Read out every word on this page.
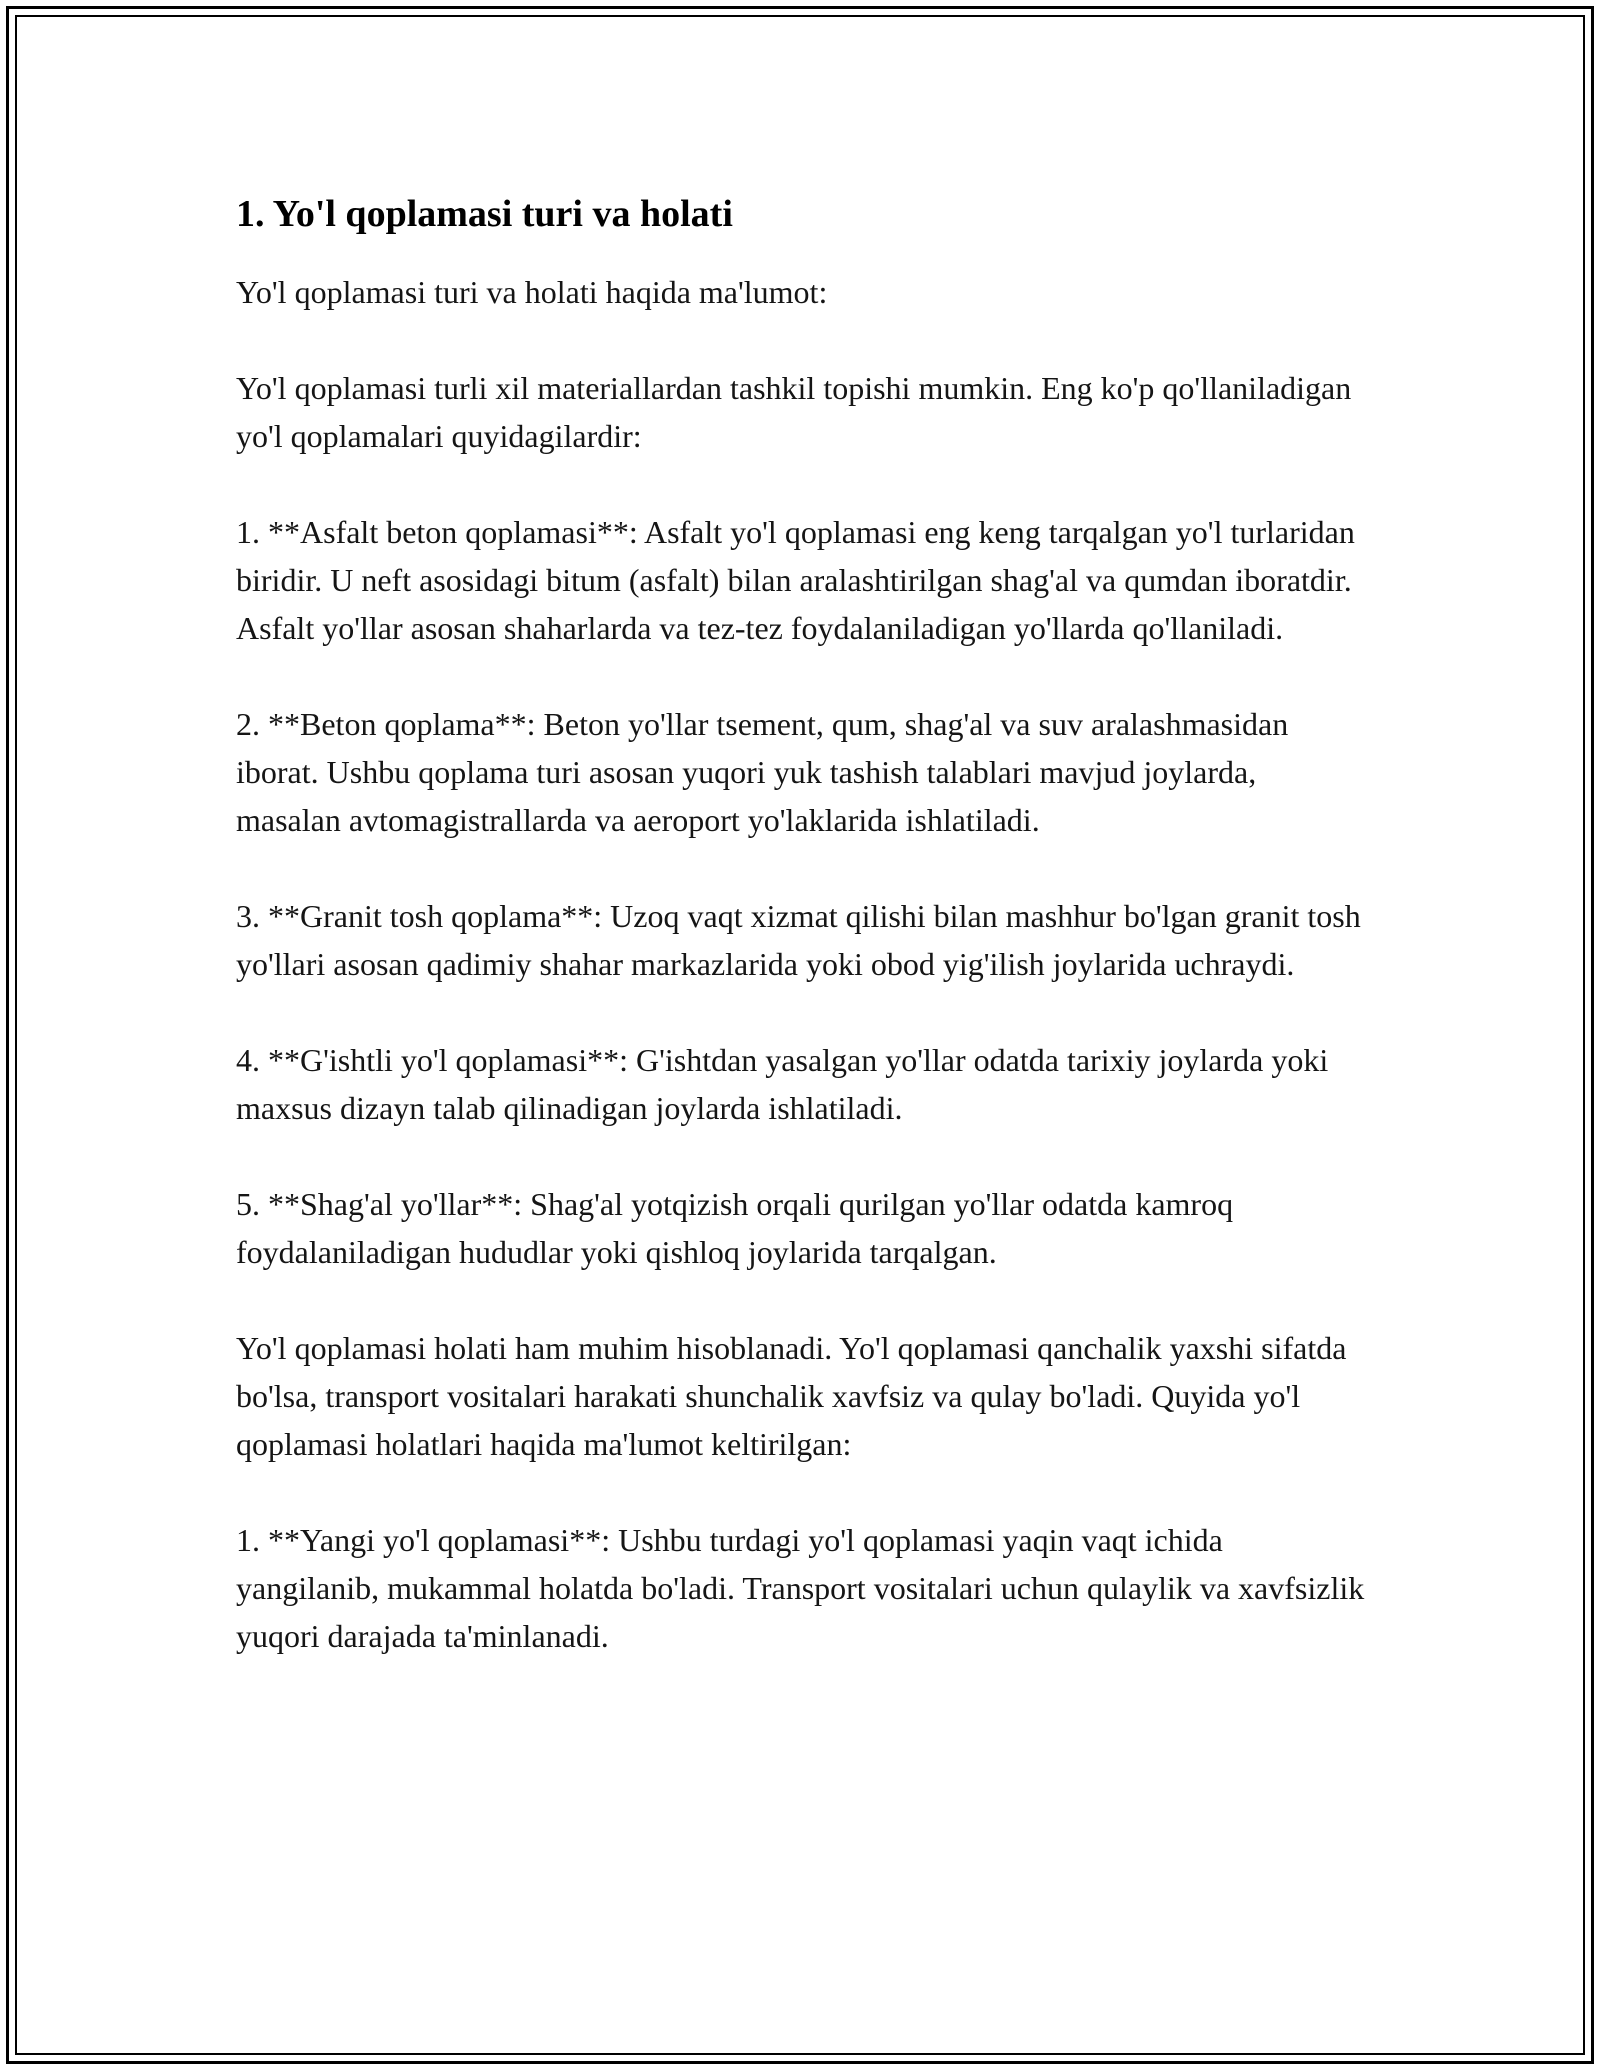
1. Yo'l qoplamasi turi va holati

Yo'l qoplamasi turi va holati haqida ma'lumot:

Yo'l qoplamasi turli xil materiallardan tashkil topishi mumkin. Eng ko'p qo'llaniladigan yo'l qoplamalari quyidagilardir:

1. **Asfalt beton qoplamasi**: Asfalt yo'l qoplamasi eng keng tarqalgan yo'l turlaridan biridir. U neft asosidagi bitum (asfalt) bilan aralashtirilgan shag'al va qumdan iboratdir. Asfalt yo'llar asosan shaharlarda va tez-tez foydalaniladigan yo'llarda qo'llaniladi.

2. **Beton qoplama**: Beton yo'llar tsement, qum, shag'al va suv aralashmasidan iborat. Ushbu qoplama turi asosan yuqori yuk tashish talablari mavjud joylarda, masalan avtomagistrallarda va aeroport yo'laklarida ishlatiladi.

3. **Granit tosh qoplama**: Uzoq vaqt xizmat qilishi bilan mashhur bo'lgan granit tosh yo'llari asosan qadimiy shahar markazlarida yoki obod yig'ilish joylarida uchraydi.

4. **G'ishtli yo'l qoplamasi**: G'ishtdan yasalgan yo'llar odatda tarixiy joylarda yoki maxsus dizayn talab qilinadigan joylarda ishlatiladi.

5. **Shag'al yo'llar**: Shag'al yotqizish orqali qurilgan yo'llar odatda kamroq foydalaniladigan hududlar yoki qishloq joylarida tarqalgan.

Yo'l qoplamasi holati ham muhim hisoblanadi. Yo'l qoplamasi qanchalik yaxshi sifatda bo'lsa, transport vositalari harakati shunchalik xavfsiz va qulay bo'ladi. Quyida yo'l qoplamasi holatlari haqida ma'lumot keltirilgan:

1. **Yangi yo'l qoplamasi**: Ushbu turdagi yo'l qoplamasi yaqin vaqt ichida yangilanib, mukammal holatda bo'ladi. Transport vositalari uchun qulaylik va xavfsizlik yuqori darajada ta'minlanadi.
